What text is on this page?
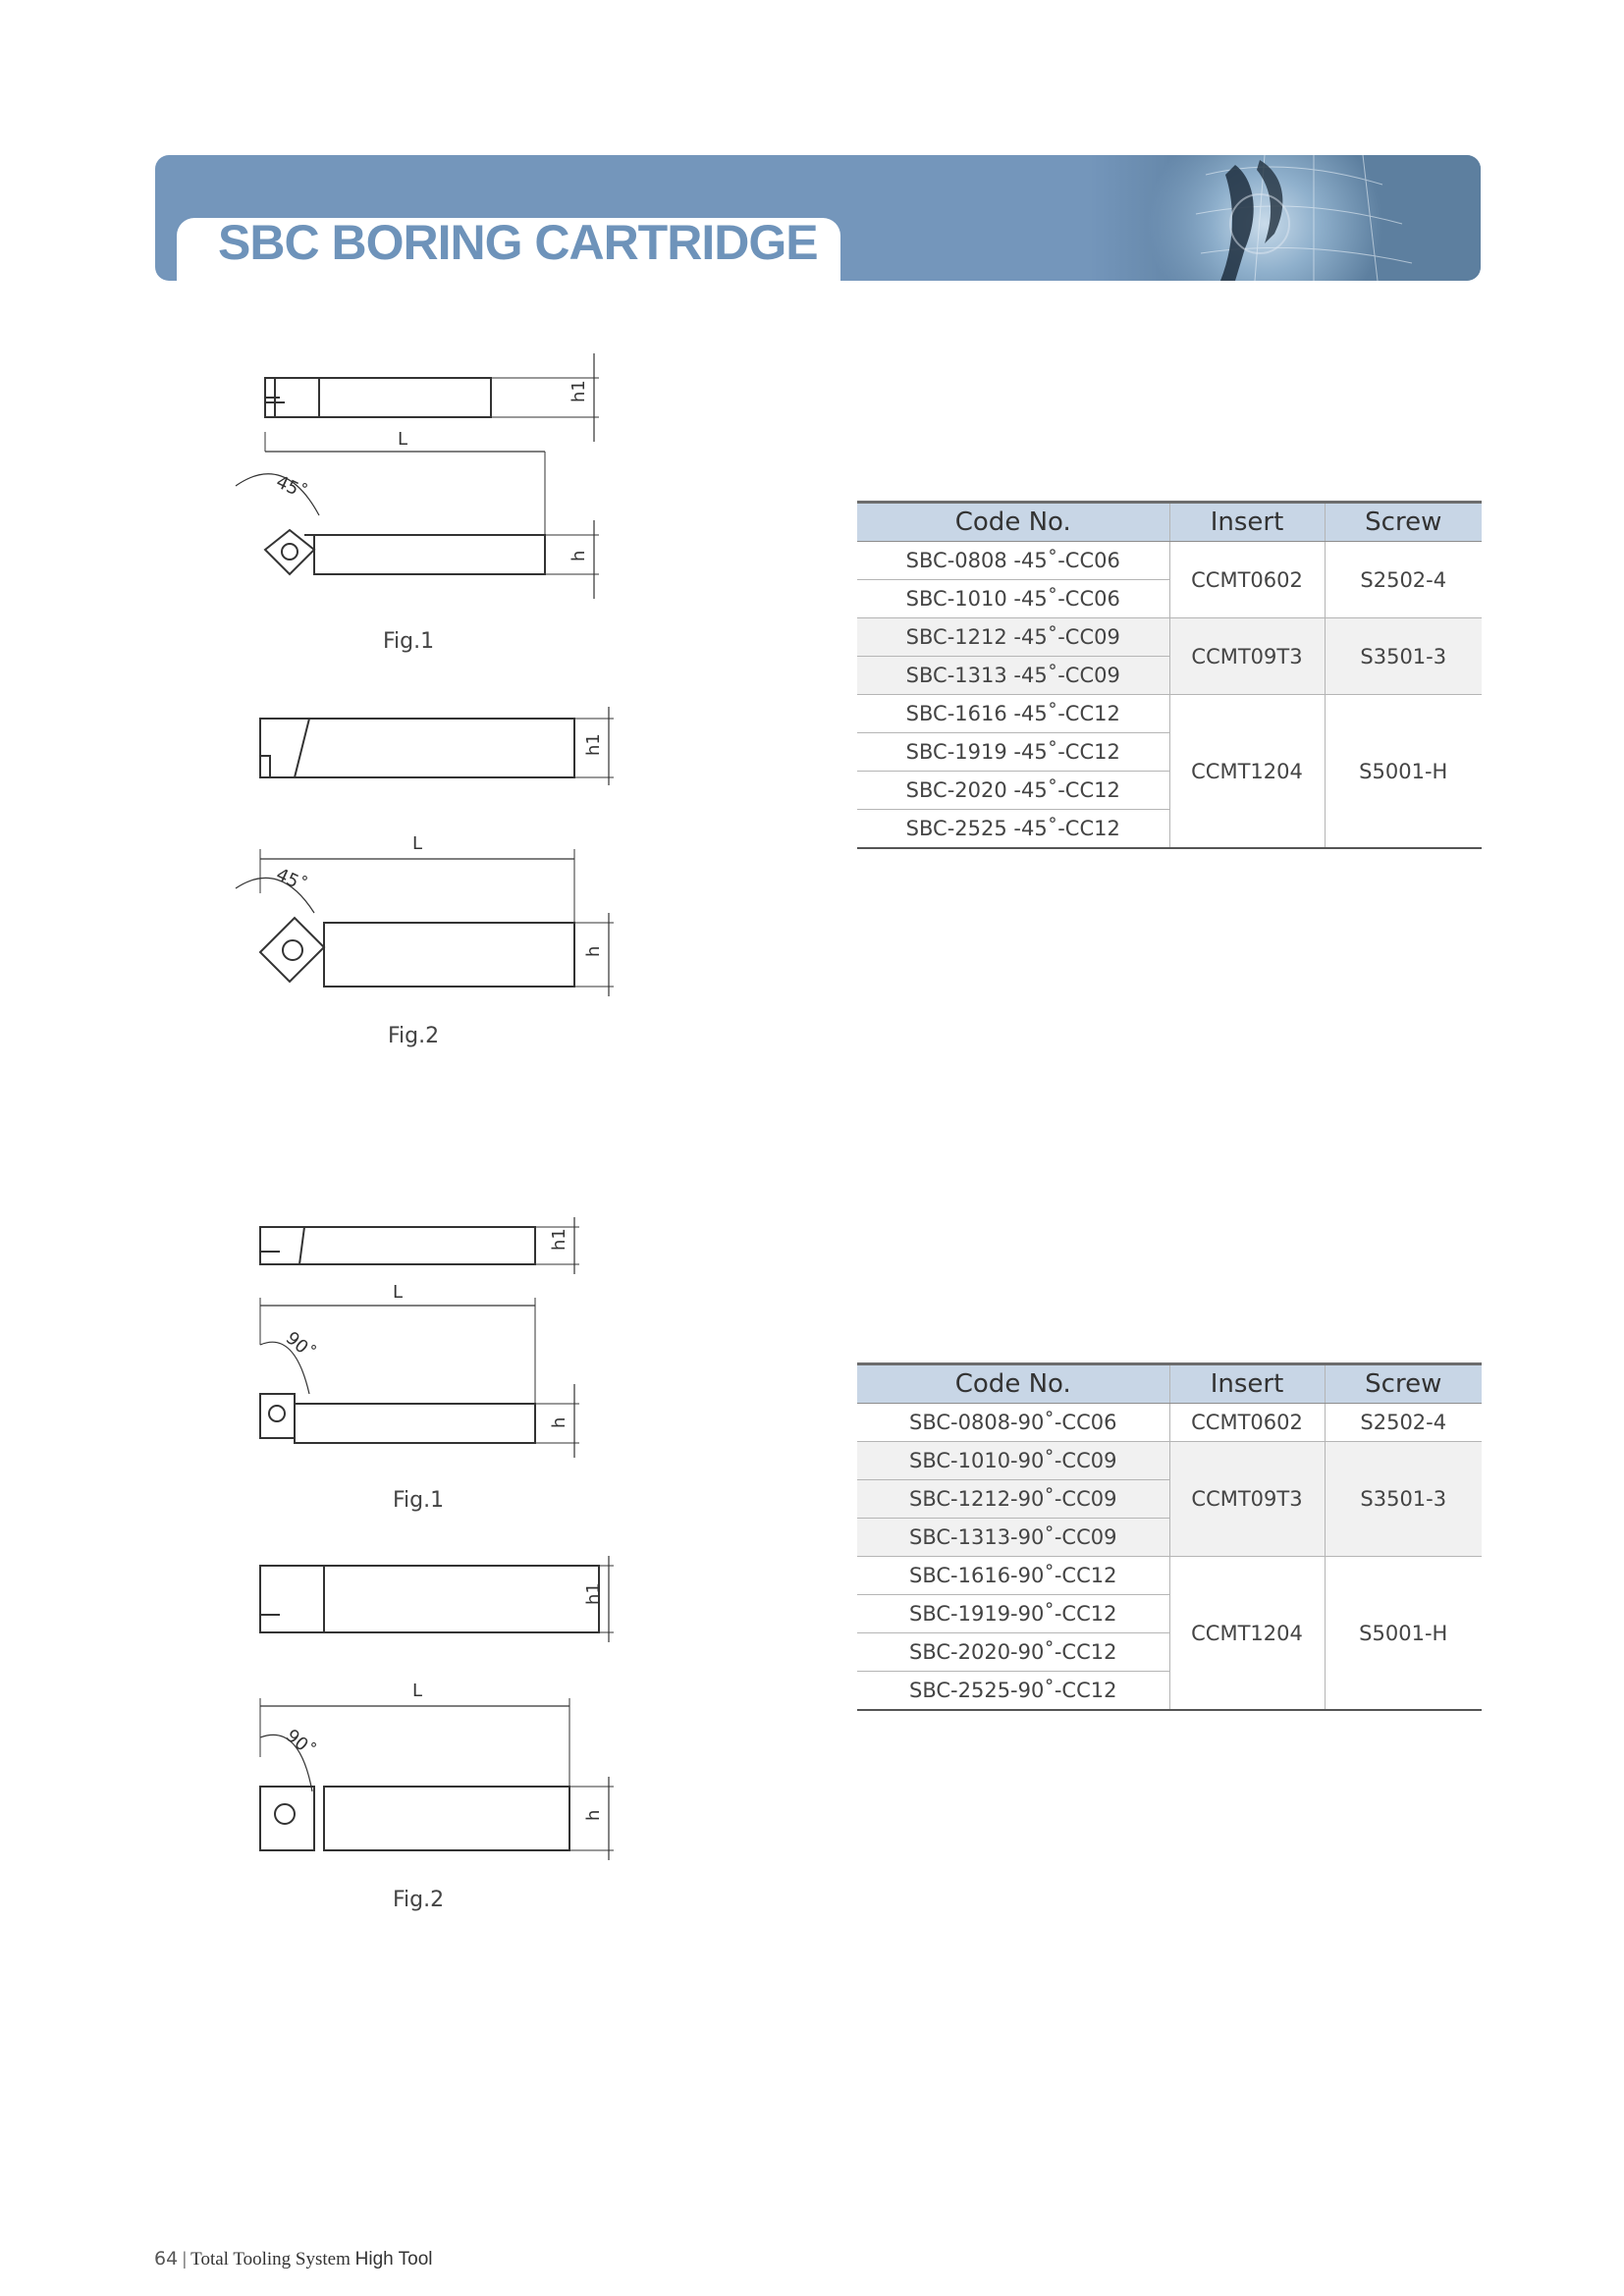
SBC BORING CARTRIDGE
h1
L
45˚
h
Fig.1
h1
L
45˚
h
Fig.2
h1
L
90˚
h
Fig.1
h1
L
90˚
h
Fig.2
Code No.	Insert	Screw
SBC-0808 -45˚-CC06	CCMT0602	S2502-4
SBC-1010 -45˚-CC06		
SBC-1212 -45˚-CC09	CCMT09T3	S3501-3
SBC-1313 -45˚-CC09		
SBC-1616 -45˚-CC12	CCMT1204	S5001-H
SBC-1919 -45˚-CC12		
SBC-2020 -45˚-CC12		
SBC-2525 -45˚-CC12		
Code No.	Insert	Screw
SBC-0808-90˚-CC06	CCMT0602	S2502-4
SBC-1010-90˚-CC09	CCMT09T3	S3501-3
SBC-1212-90˚-CC09		
SBC-1313-90˚-CC09		
SBC-1616-90˚-CC12	CCMT1204	S5001-H
SBC-1919-90˚-CC12		
SBC-2020-90˚-CC12		
SBC-2525-90˚-CC12		
64 | Total Tooling System High Tool
